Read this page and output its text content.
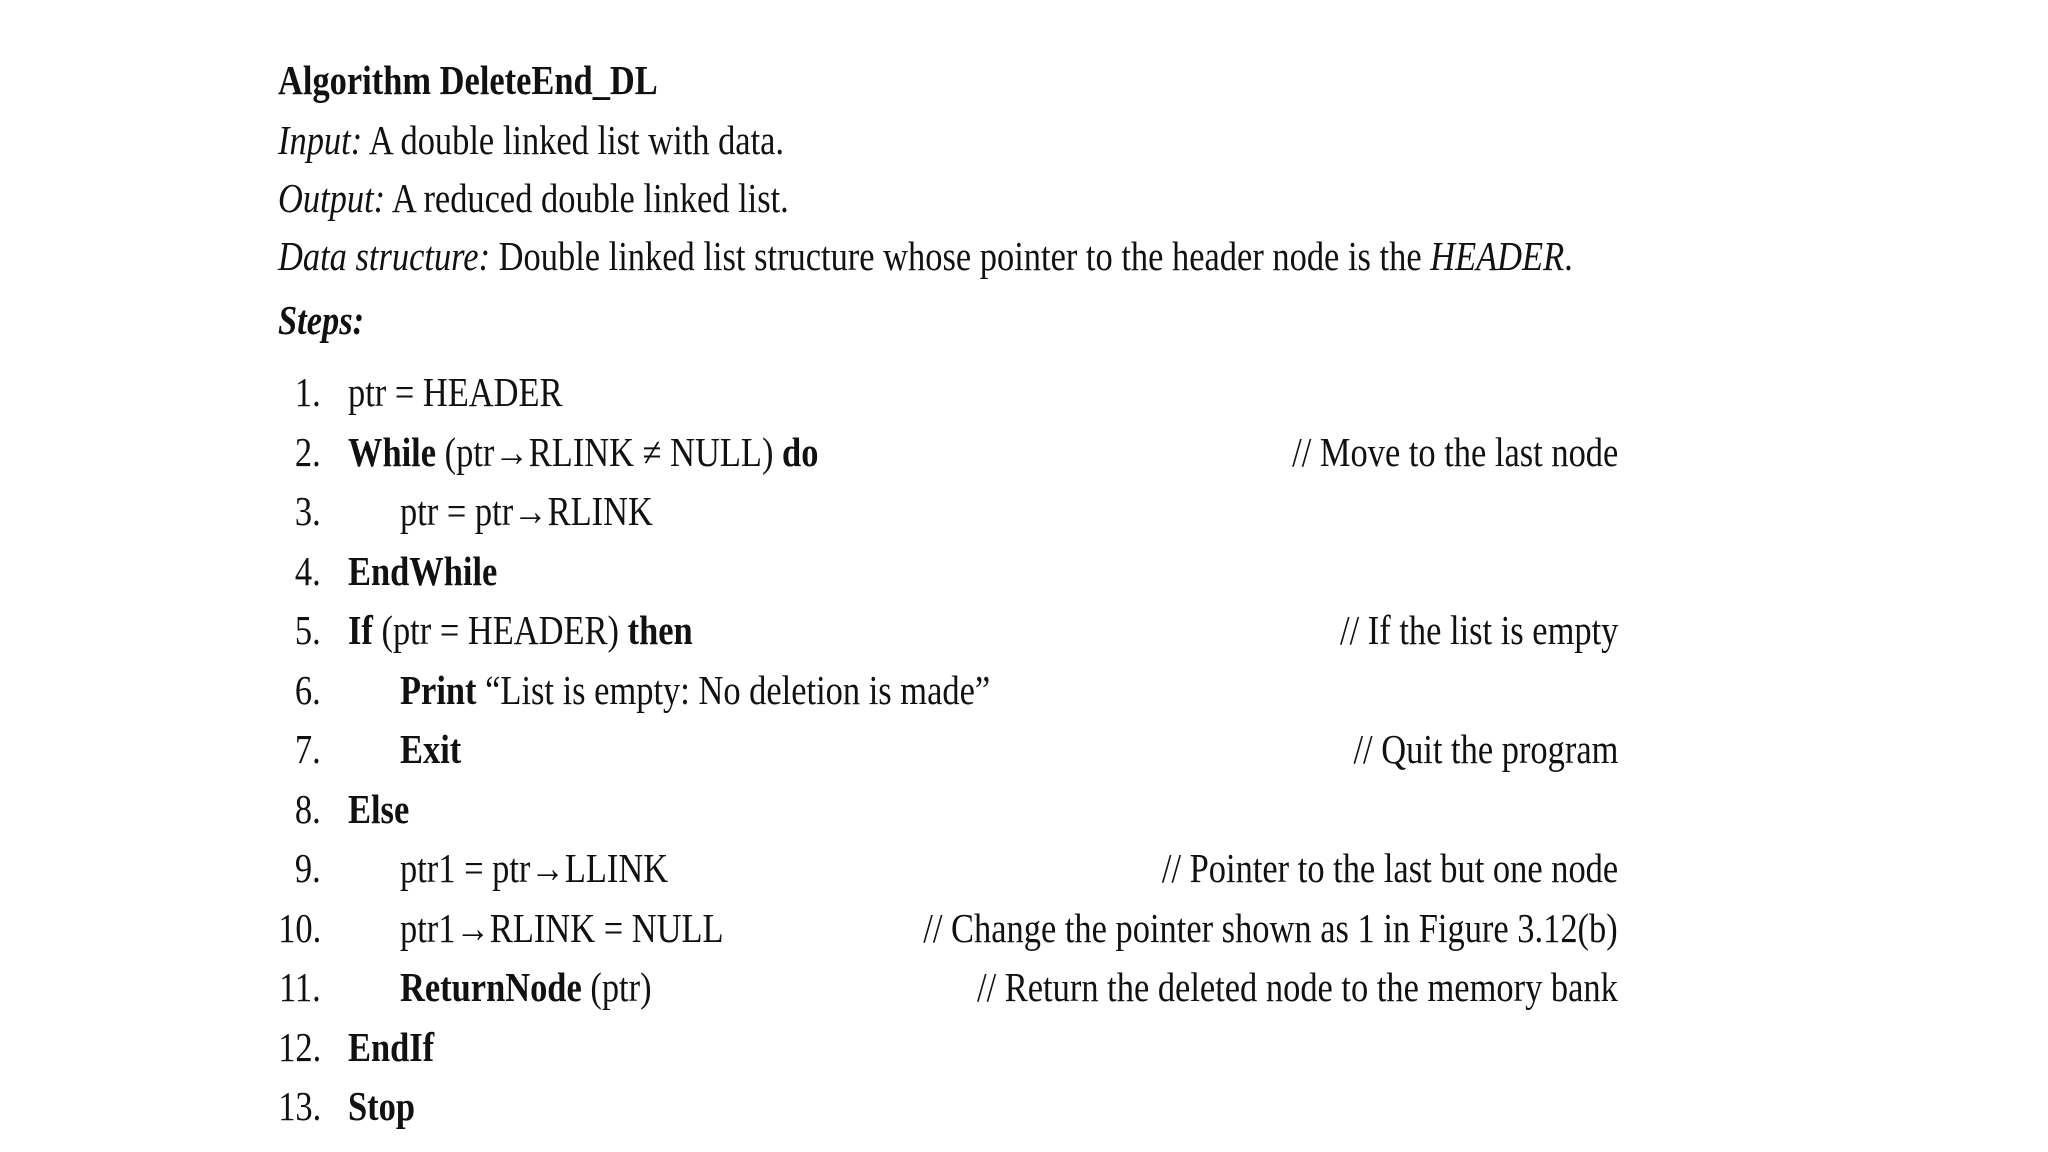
Algorithm DeleteEnd_DL
Input: A double linked list with data.
Output: A reduced double linked list.
Data structure: Double linked list structure whose pointer to the header node is the HEADER.
Steps:
1. ptr = HEADER
2. While (ptr→RLINK ≠ NULL) do	// Move to the last node
3. ptr = ptr→RLINK
4. EndWhile
5. If (ptr = HEADER) then	// If the list is empty
6. Print “List is empty: No deletion is made”
7. Exit	// Quit the program
8. Else
9. ptr1 = ptr→LLINK	// Pointer to the last but one node
10. ptr1→RLINK = NULL	// Change the pointer shown as 1 in Figure 3.12(b)
11. ReturnNode (ptr)	// Return the deleted node to the memory bank
12. EndIf
13. Stop
